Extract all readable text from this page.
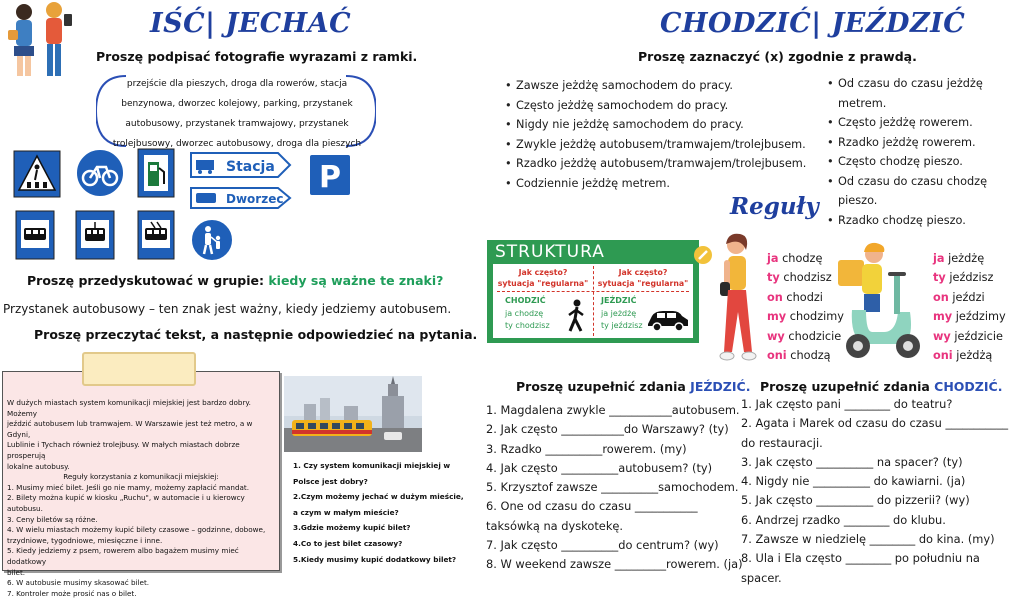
IŚĆ| JECHAĆ
Proszę podpisać fotografie wyrazami z ramki.
przejście dla pieszych, droga dla rowerów, stacja
benzynowa, dworzec kolejowy, parking, przystanek
autobusowy, przystanek tramwajowy, przystanek
trolejbusowy, dworzec autobusowy, droga dla pieszych
Stacja
Dworzec
P
Proszę przedyskutować w grupie: kiedy są ważne te znaki?
Przystanek autobusowy – ten znak jest ważny, kiedy jedziemy autobusem.
Proszę przeczytać tekst, a następnie odpowiedzieć na pytania.
W dużych miastach system komunikacji miejskiej jest bardzo dobry. Możemy
jeździć autobusem lub tramwajem. W Warszawie jest też metro, a w Gdyni,
Lublinie i Tychach również trolejbusy. W małych miastach dobrze prosperują
lokalne autobusy.
Reguły korzystania z komunikacji miejskiej:
1. Musimy mieć bilet. Jeśli go nie mamy, możemy zapłacić mandat.
2. Bilety można kupić w kiosku „Ruchu", w automacie i u kierowcy autobusu.
3. Ceny biletów są różne.
4. W wielu miastach możemy kupić bilety czasowe – godzinne, dobowe,
trzydniowe, tygodniowe, miesięczne i inne.
5. Kiedy jedziemy z psem, rowerem albo bagażem musimy mieć dodatkowy
bilet.
6. W autobusie musimy skasować bilet.
7. Kontroler może prosić nas o bilet.
1. Czy system komunikacji miejskiej w
Polsce jest dobry?
2.Czym możemy jechać w dużym mieście,
a czym w małym mieście?
3.Gdzie możemy kupić bilet?
4.Co to jest bilet czasowy?
5.Kiedy musimy kupić dodatkowy bilet?
CHODZIĆ| JEŹDZIĆ
Proszę zaznaczyć (x) zgodnie z prawdą.
• Zawsze jeżdżę samochodem do pracy.
• Często jeżdżę samochodem do pracy.
• Nigdy nie jeżdżę samochodem do pracy.
• Zwykle jeżdżę autobusem/tramwajem/trolejbusem.
• Rzadko jeżdżę autobusem/tramwajem/trolejbusem.
• Codziennie jeżdżę metrem.
• Od czasu do czasu jeżdżę metrem.
• Często jeżdżę rowerem.
• Rzadko jeżdżę rowerem.
• Często chodzę pieszo.
• Od czasu do czasu chodzę pieszo.
• Rzadko chodzę pieszo.
Reguły
STRUKTURA
Jak często?
sytuacja "regularna"
Jak często?
sytuacja "regularna"
CHODZIĆ
ja chodzę
ty chodzisz
JEŹDZIĆ
ja jeżdżę
ty jeździsz
ja chodzę
ty chodzisz
on chodzi
my chodzimy
wy chodzicie
oni chodzą
ja jeżdżę
ty jeździsz
on jeździ
my jeździmy
wy jeździcie
oni jeżdżą
Proszę uzupełnić zdania JEŹDZIĆ.
1. Magdalena zwykle ___________autobusem.
2. Jak często ___________do Warszawy? (ty)
3. Rzadko __________rowerem. (my)
4. Jak często __________autobusem? (ty)
5. Krzysztof zawsze __________samochodem.
6. One od czasu do czasu ___________
taksówką na dyskotekę.
7. Jak często __________do centrum? (wy)
8. W weekend zawsze _________rowerem. (ja)
Proszę uzupełnić zdania CHODZIĆ.
1. Jak często pani ________ do teatru?
2. Agata i Marek od czasu do czasu ___________
do restauracji.
3. Jak często __________ na spacer? (ty)
4. Nigdy nie __________ do kawiarni. (ja)
5. Jak często __________ do pizzerii? (wy)
6. Andrzej rzadko ________ do klubu.
7. Zawsze w niedzielę ________ do kina. (my)
8. Ula i Ela często ________ po południu na spacer.
